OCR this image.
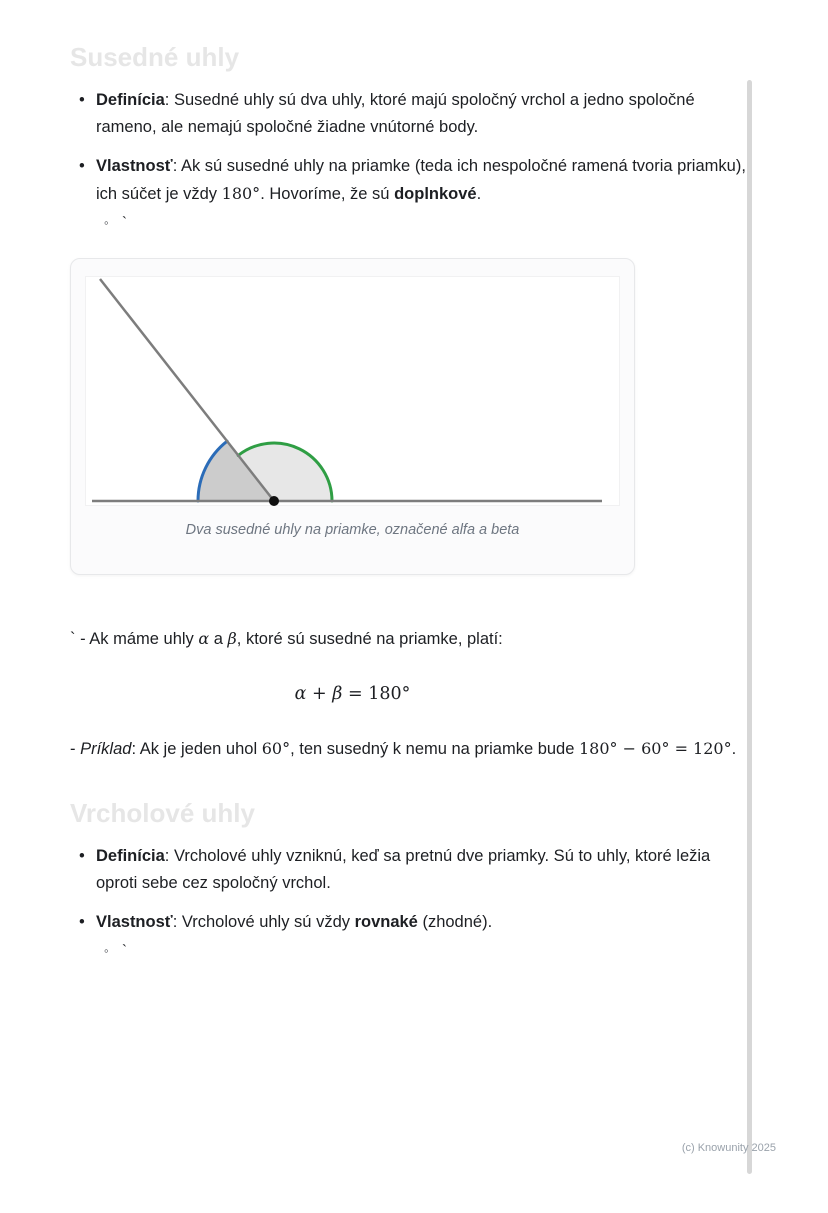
Susedné uhly
• Definícia: Susedné uhly sú dva uhly, ktoré majú spoločný vrchol a jedno spoločné rameno, ale nemajú spoločné žiadne vnútorné body.
• Vlastnosť: Ak sú susedné uhly na priamke (teda ich nespoločné ramená tvoria priamku), ich súčet je vždy 180°. Hovoríme, že sú doplnkové.
◦ `
Dva susedné uhly na priamke, označené alfa a beta

` - Ak máme uhly α a β, ktoré sú susedné na priamke, platí:

α + β = 180°

- Príklad: Ak je jeden uhol 60°, ten susedný k nemu na priamke bude 180° − 60° = 120°.

Vrcholové uhly
• Definícia: Vrcholové uhly vzniknú, keď sa pretnú dve priamky. Sú to uhly, ktoré ležia oproti sebe cez spoločný vrchol.
• Vlastnosť: Vrcholové uhly sú vždy rovnaké (zhodné).
◦ `
(c) Knowunity 2025
